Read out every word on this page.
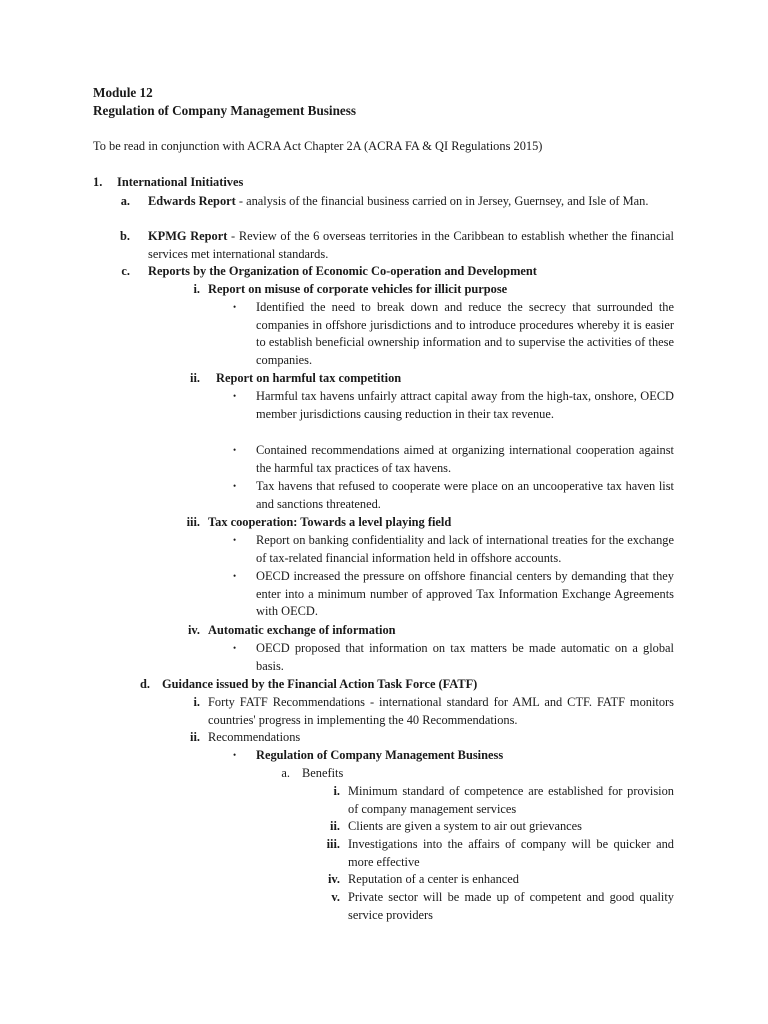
Module 12
Regulation of Company Management Business
To be read in conjunction with ACRA Act Chapter 2A (ACRA FA & QI Regulations 2015)
1.	International Initiatives
a. Edwards Report - analysis of the financial business carried on in Jersey, Guernsey, and Isle of Man.
b. KPMG Report - Review of the 6 overseas territories in the Caribbean to establish whether the financial services met international standards.
c. Reports by the Organization of Economic Co-operation and Development
i. Report on misuse of corporate vehicles for illicit purpose
• Identified the need to break down and reduce the secrecy that surrounded the companies in offshore jurisdictions and to introduce procedures whereby it is easier to establish beneficial ownership information and to supervise the activities of these companies.
ii. Report on harmful tax competition
• Harmful tax havens unfairly attract capital away from the high-tax, onshore, OECD member jurisdictions causing reduction in their tax revenue.
• Contained recommendations aimed at organizing international cooperation against the harmful tax practices of tax havens.
• Tax havens that refused to cooperate were place on an uncooperative tax haven list and sanctions threatened.
iii. Tax cooperation: Towards a level playing field
• Report on banking confidentiality and lack of international treaties for the exchange of tax-related financial information held in offshore accounts.
• OECD increased the pressure on offshore financial centers by demanding that they enter into a minimum number of approved Tax Information Exchange Agreements with OECD.
iv. Automatic exchange of information
• OECD proposed that information on tax matters be made automatic on a global basis.
d. Guidance issued by the Financial Action Task Force (FATF)
i. Forty FATF Recommendations - international standard for AML and CTF. FATF monitors countries' progress in implementing the 40 Recommendations.
ii. Recommendations
• Regulation of Company Management Business
a. Benefits
i. Minimum standard of competence are established for provision of company management services
ii. Clients are given a system to air out grievances
iii. Investigations into the affairs of company will be quicker and more effective
iv. Reputation of a center is enhanced
v. Private sector will be made up of competent and good quality service providers
